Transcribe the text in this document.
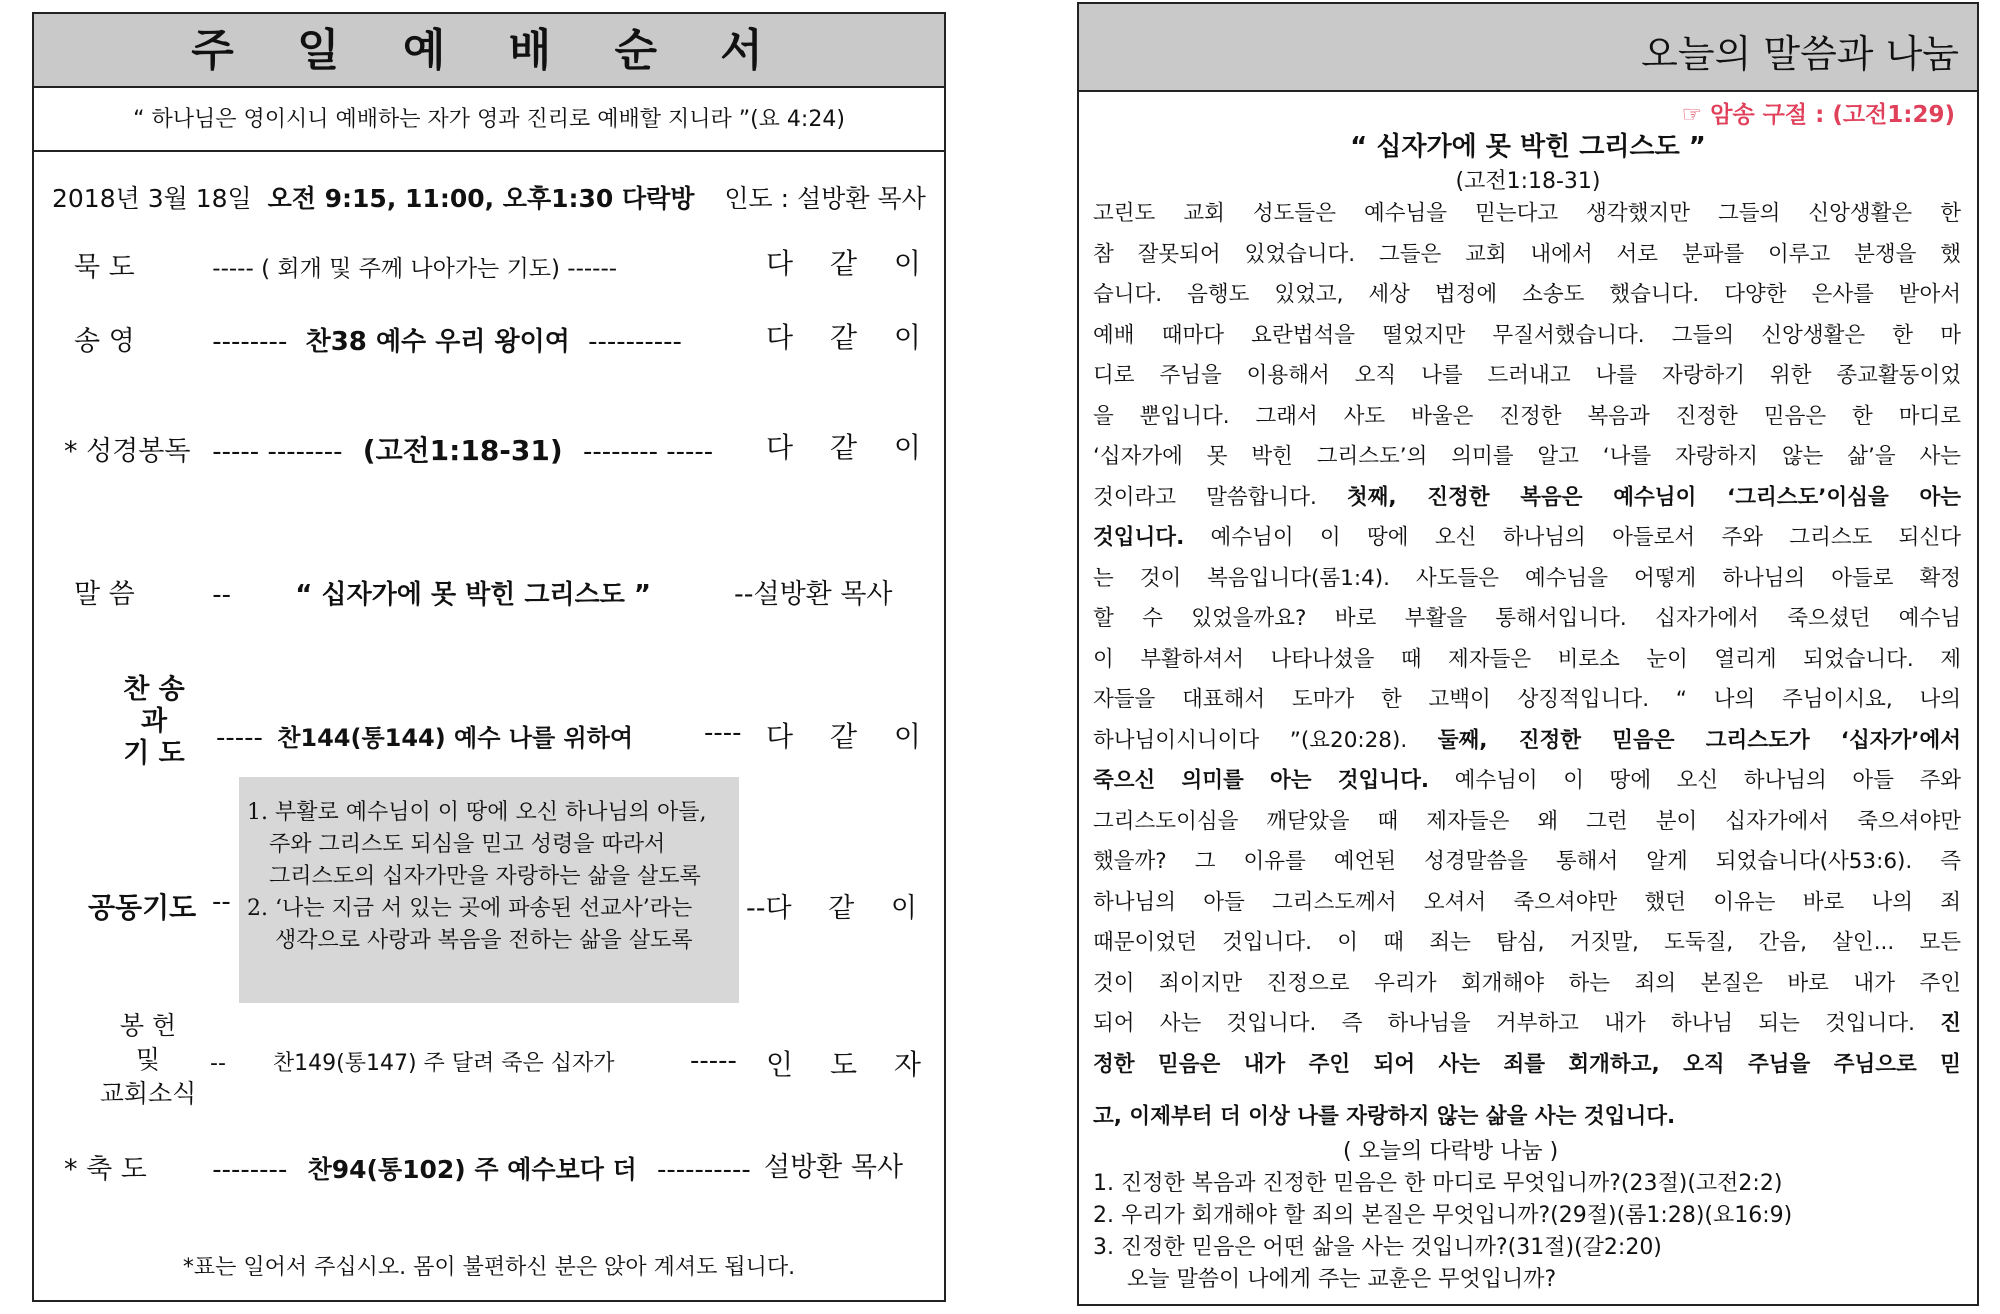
주 일 예 배 순 서
“ 하나님은 영이시니 예배하는 자가 영과 진리로 예배할 지니라 ”(요 4:24)
2018년 3월 18일 오전 9:15, 11:00, 오후1:30 다락방 인도 : 설방환 목사
묵 도	----- ( 회개 및 주께 나아가는 기도) ------	다 같 이
송 영	-------- 찬38 예수 우리 왕이여 ----------	다 같 이
* 성경봉독 ----- -------- (고전1:18-31) -------- ----- 다 같 이
말 씀	-- “ 십자가에 못 박힌 그리스도 ”	--설방환 목사
찬 송
과
기 도	----- 찬144(통144) 예수 나를 위하여	---- 다 같 이
공동기도 --
1. 부활로 예수님이 이 땅에 오신 하나님의 아들,
주와 그리스도 되심을 믿고 성령을 따라서
그리스도의 십자가만을 자랑하는 삶을 살도록
2. ‘나는 지금 서 있는 곳에 파송된 선교사’라는
생각으로 사랑과 복음을 전하는 삶을 살도록
--다 같 이
봉 헌
및
교회소식
-- 찬149(통147) 주 달려 죽은 십자가	----- 인 도 자
* 축 도	-------- 찬94(통102) 주 예수보다 더 ---------- 설방환 목사
*표는 일어서 주십시오. 몸이 불편하신 분은 앉아 계셔도 됩니다.
오늘의 말씀과 나눔
☞ 암송 구절 : (고전1:29)
“ 십자가에 못 박힌 그리스도 ”
(고전1:18-31)
고린도 교회 성도들은 예수님을 믿는다고 생각했지만 그들의 신앙생활은 한
참 잘못되어 있었습니다. 그들은 교회 내에서 서로 분파를 이루고 분쟁을 했
습니다. 음행도 있었고, 세상 법정에 소송도 했습니다. 다양한 은사를 받아서
예배 때마다 요란법석을 떨었지만 무질서했습니다. 그들의 신앙생활은 한 마
디로 주님을 이용해서 오직 나를 드러내고 나를 자랑하기 위한 종교활동이었
을 뿐입니다. 그래서 사도 바울은 진정한 복음과 진정한 믿음은 한 마디로
‘십자가에 못 박힌 그리스도’의 의미를 알고 ‘나를 자랑하지 않는 삶’을 사는
것이라고 말씀합니다. 첫째, 진정한 복음은 예수님이 ‘그리스도’이심을 아는
것입니다. 예수님이 이 땅에 오신 하나님의 아들로서 주와 그리스도 되신다
는 것이 복음입니다(롬1:4). 사도들은 예수님을 어떻게 하나님의 아들로 확정
할 수 있었을까요? 바로 부활을 통해서입니다. 십자가에서 죽으셨던 예수님
이 부활하셔서 나타나셨을 때 제자들은 비로소 눈이 열리게 되었습니다. 제
자들을 대표해서 도마가 한 고백이 상징적입니다. “ 나의 주님이시요, 나의
하나님이시니이다 ”(요20:28). 둘째, 진정한 믿음은 그리스도가 ‘십자가’에서
죽으신 의미를 아는 것입니다. 예수님이 이 땅에 오신 하나님의 아들 주와
그리스도이심을 깨닫았을 때 제자들은 왜 그런 분이 십자가에서 죽으셔야만
했을까? 그 이유를 예언된 성경말씀을 통해서 알게 되었습니다(사53:6). 즉
하나님의 아들 그리스도께서 오셔서 죽으셔야만 했던 이유는 바로 나의 죄
때문이었던 것입니다. 이 때 죄는 탐심, 거짓말, 도둑질, 간음, 살인... 모든
것이 죄이지만 진정으로 우리가 회개해야 하는 죄의 본질은 바로 내가 주인
되어 사는 것입니다. 즉 하나님을 거부하고 내가 하나님 되는 것입니다. 진
정한 믿음은 내가 주인 되어 사는 죄를 회개하고, 오직 주님을 주님으로 믿
고, 이제부터 더 이상 나를 자랑하지 않는 삶을 사는 것입니다.
( 오늘의 다락방 나눔 )
1. 진정한 복음과 진정한 믿음은 한 마디로 무엇입니까?(23절)(고전2:2)
2. 우리가 회개해야 할 죄의 본질은 무엇입니까?(29절)(롬1:28)(요16:9)
3. 진정한 믿음은 어떤 삶을 사는 것입니까?(31절)(갈2:20)
오늘 말씀이 나에게 주는 교훈은 무엇입니까?
